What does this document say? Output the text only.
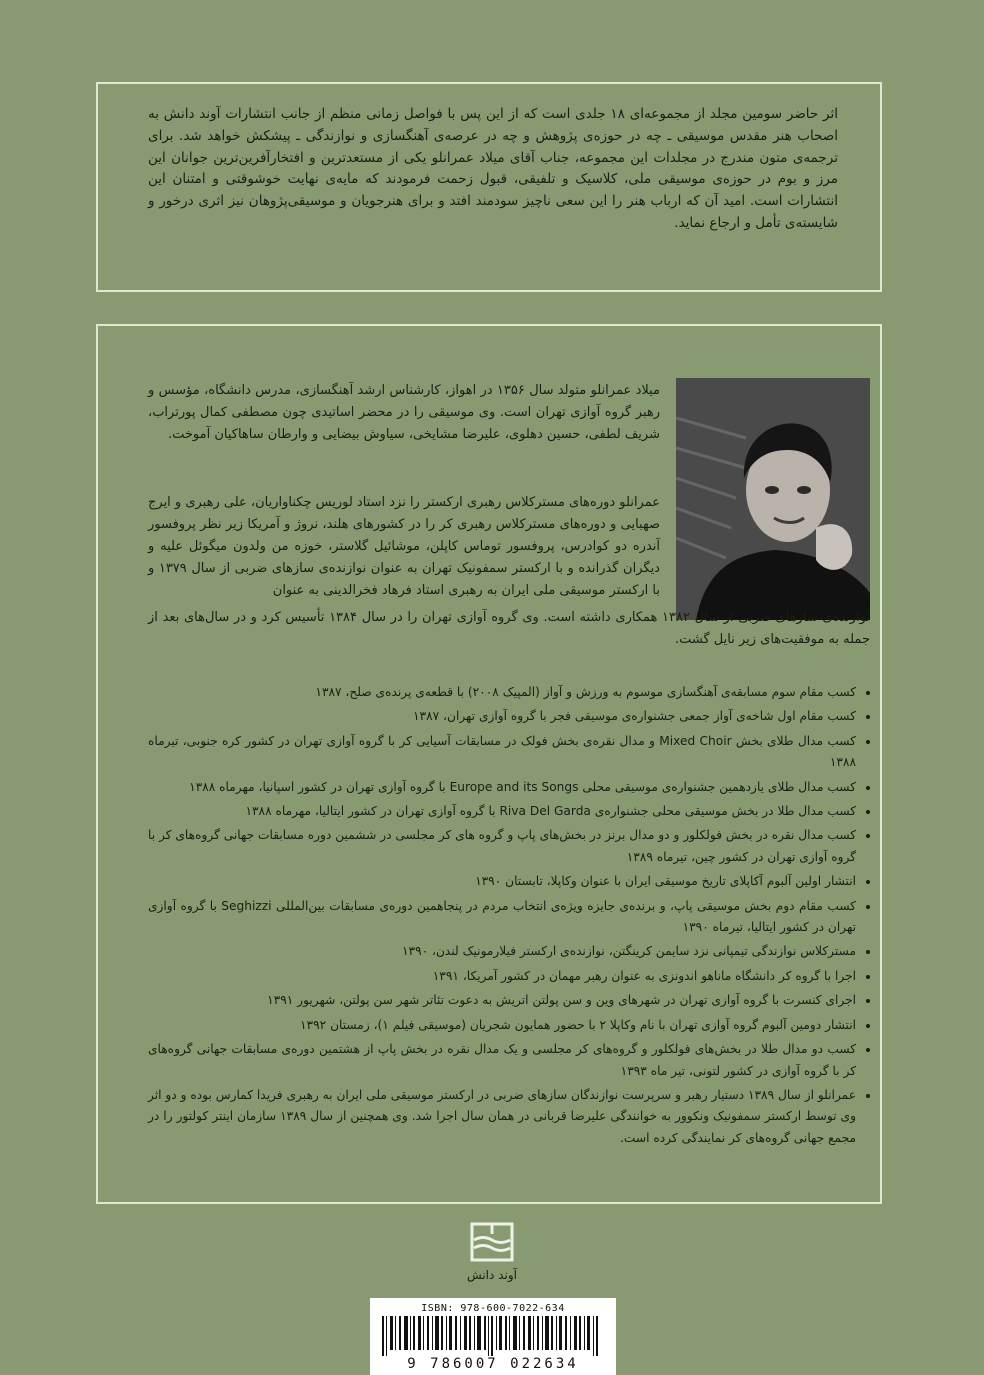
اثر حاضر سومین مجلد از مجموعه‌ای ۱۸ جلدی است که از این پس با فواصل زمانی منظم از جانب انتشارات آوند دانش به اصحاب هنر مقدس موسیقی ـ چه در حوزه‌ی پژوهش و چه در عرصه‌ی آهنگسازی و نوازندگی ـ پیشکش خواهد شد. برای ترجمه‌ی متون مندرج در مجلدات این مجموعه، جناب آقای میلاد عمرانلو یکی از مستعدترین و افتخارآفرین‌ترین جوانان این مرز و بوم در حوزه‌ی موسیقی ملی، کلاسیک و تلفیقی، قبول زحمت فرمودند که مایه‌ی نهایت خوشوقتی و امتنان این انتشارات است. امید آن که ارباب هنر را این سعی ناچیز سودمند افتد و برای هنرجویان و موسیقی‌پژوهان نیز اثری درخور و شایسته‌ی تأمل و ارجاع نماید.
میلاد عمرانلو متولد سال ۱۳۵۶ در اهواز، کارشناس ارشد آهنگسازی، مدرس دانشگاه، مؤسس و رهبر گروه آوازی تهران است. وی موسیقی را در محضر اساتیدی چون مصطفی کمال پورتراب، شریف لطفی، حسین دهلوی، علیرضا مشایخی، سیاوش بیضایی و وارطان ساهاکیان آموخت.
عمرانلو دوره‌های مسترکلاس رهبری ارکستر را نزد استاد لوریس چکناواریان، علی رهبری و ایرج صهبایی و دوره‌های مسترکلاس رهبری کر را در کشورهای هلند، نروژ و آمریکا زیر نظر پروفسور آندره دو کوادرس، پروفسور توماس کاپلن، موشائیل گلاستر، خوزه من ولدون میگوئل علیه و دیگران گذرانده و با ارکستر سمفونیک تهران به عنوان نوازنده‌ی سازهای ضربی از سال ۱۳۷۹ و با ارکستر موسیقی ملی ایران به رهبری استاد فرهاد فخرالدینی به عنوان
نوازنده‌ی سازهای ضربی از سال ۱۳۸۲ همکاری داشته است. وی گروه آوازی تهران را در سال ۱۳۸۴ تأسیس کرد و در سال‌های بعد از جمله به موفقیت‌های زیر نایل گشت.
• کسب مقام سوم مسابقه‌ی آهنگسازی موسوم به ورزش و آواز (المپیک ۲۰۰۸) با قطعه‌ی پرنده‌ی صلح، ۱۳۸۷
• کسب مقام اول شاخه‌ی آواز جمعی جشنواره‌ی موسیقی فجر با گروه آوازی تهران، ۱۳۸۷
• کسب مدال طلای بخش Mixed Choir و مدال نقره‌ی بخش فولک در مسابقات آسیایی کر با گروه آوازی تهران در کشور کره جنوبی، تیرماه ۱۳۸۸
• کسب مدال طلای یازدهمین جشنواره‌ی موسیقی محلی Europe and its Songs با گروه آوازی تهران در کشور اسپانیا، مهرماه ۱۳۸۸
• کسب مدال طلا در بخش موسیقی محلی جشنواره‌ی Riva Del Garda با گروه آوازی تهران در کشور ایتالیا، مهرماه ۱۳۸۸
• کسب مدال نقره در بخش فولکلور و دو مدال برنز در بخش‌های پاپ و گروه های کر مجلسی در ششمین دوره مسابقات جهانی گروه‌های کر با گروه آوازی تهران در کشور چین، تیرماه ۱۳۸۹
• انتشار اولین آلبوم آکاپلای تاریخ موسیقی ایران با عنوان وکاپلا، تابستان ۱۳۹۰
• کسب مقام دوم بخش موسیقی پاپ، و برنده‌ی جایزه ویژه‌ی انتخاب مردم در پنجاهمین دوره‌ی مسابقات بین‌المللی Seghizzi با گروه آوازی تهران در کشور ایتالیا، تیرماه ۱۳۹۰
• مسترکلاس نوازندگی تیمپانی نزد سایمن کرینگتن، نوازنده‌ی ارکستر فیلارمونیک لندن، ۱۳۹۰
• اجرا با گروه کر دانشگاه ماناهو اندونزی به عنوان رهبر مهمان در کشور آمریکا، ۱۳۹۱
• اجرای کنسرت با گروه آوازی تهران در شهرهای وین و سن پولتن اتریش به دعوت تئاتر شهر سن پولتن، شهریور ۱۳۹۱
• انتشار دومین آلبوم گروه آوازی تهران با نام وکاپلا ۲ با حضور همایون شجریان (موسیقی فیلم ۱)، زمستان ۱۳۹۲
• کسب دو مدال طلا در بخش‌های فولکلور و گروه‌های کر مجلسی و یک مدال نقره در بخش پاپ از هشتمین دوره‌ی مسابقات جهانی گروه‌های کر با گروه آوازی در کشور لتونی، تیر ماه ۱۳۹۳
• عمرانلو از سال ۱۳۸۹ دستیار رهبر و سرپرست نوازندگان سازهای ضربی در ارکستر موسیقی ملی ایران به رهبری فریدا کمارس بوده و دو اثر وی توسط ارکستر سمفونیک ونکوور به خوانندگی علیرضا قربانی در همان سال اجرا شد. وی همچنین از سال ۱۳۸۹ سازمان اینتر کولتور را در مجمع جهانی گروه‌های کر نمایندگی کرده است.
آوند دانش
ISBN: 978-600-7022-634
9 786007 022634
